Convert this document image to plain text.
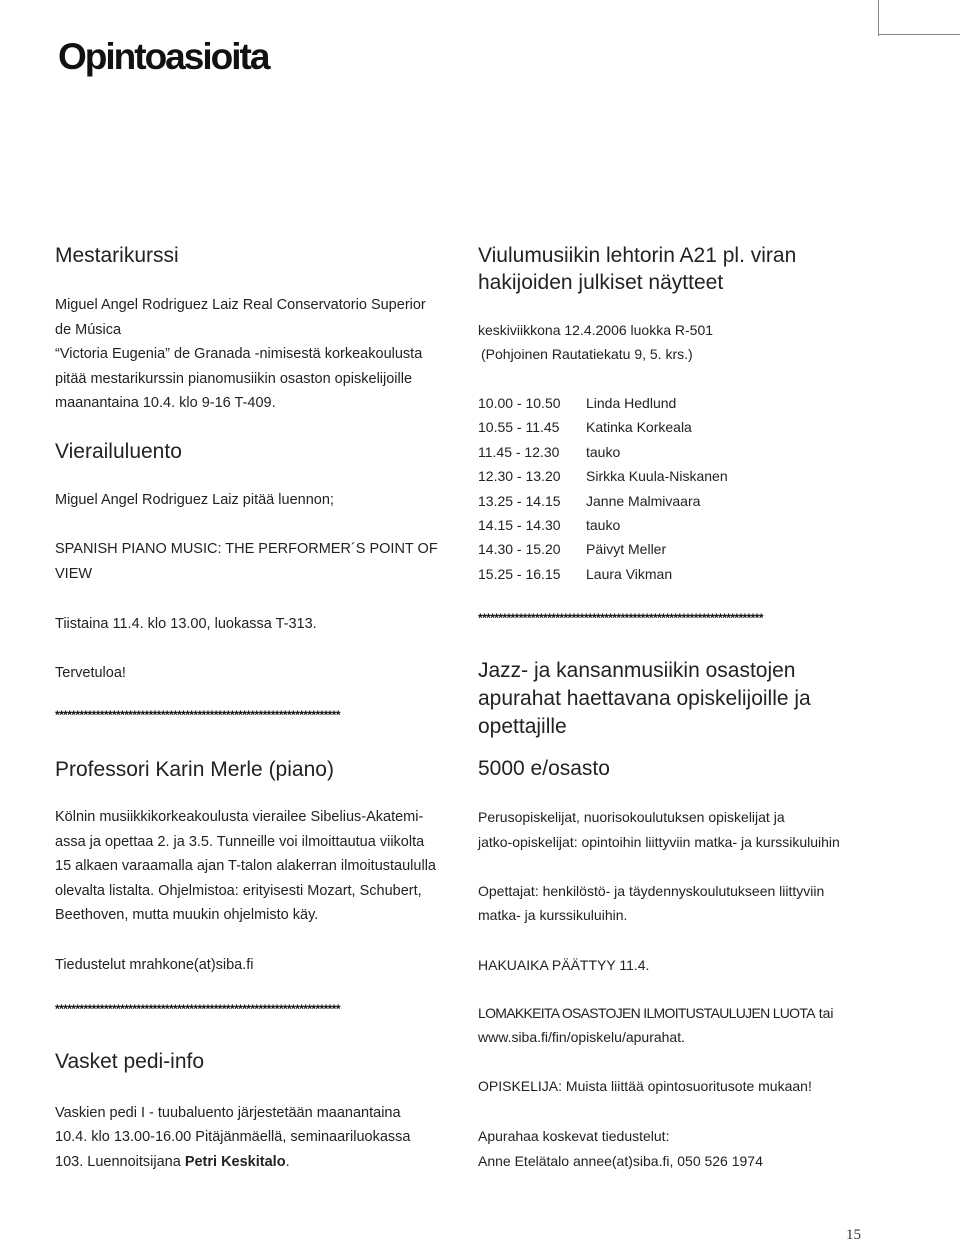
Opintoasioita
Mestarikurssi
Miguel Angel Rodriguez Laiz Real Conservatorio Superior
de Música
“Victoria Eugenia” de Granada -nimisestä korkeakoulusta
pitää mestarikurssin pianomusiikin osaston opiskelijoille
maanantaina 10.4. klo 9-16 T-409.
Vierailuluento
Miguel Angel Rodriguez Laiz pitää luennon;
SPANISH PIANO MUSIC: THE PERFORMER´S POINT OF
VIEW
Tiistaina 11.4. klo 13.00, luokassa T-313.
Tervetuloa!
**********************************************************************
Professori Karin Merle (piano)
Kölnin musiikkikorkeakoulusta vierailee Sibelius-Akatemi-
assa ja opettaa 2. ja 3.5. Tunneille voi ilmoittautua viikolta
15 alkaen varaamalla ajan T-talon alakerran ilmoitustaululla
olevalta listalta. Ohjelmistoa: erityisesti Mozart, Schubert,
Beethoven, mutta muukin ohjelmisto käy.
Tiedustelut mrahkone(at)siba.fi
**********************************************************************
Vasket pedi-info
Vaskien pedi I - tuubaluento järjestetään maanantaina
10.4. klo 13.00-16.00 Pitäjänmäellä, seminaariluokassa
103. Luennoitsijana Petri Keskitalo.
Viulumusiikin lehtorin A21 pl. viran
hakijoiden julkiset näytteet
keskiviikkona 12.4.2006 luokka R-501
(Pohjoinen Rautatiekatu 9, 5. krs.)
10.00 - 10.50 Linda Hedlund
10.55 - 11.45 Katinka Korkeala
11.45 - 12.30 tauko
12.30 - 13.20 Sirkka Kuula-Niskanen
13.25 - 14.15 Janne Malmivaara
14.15 - 14.30 tauko
14.30 - 15.20 Päivyt Meller
15.25 - 16.15 Laura Vikman
**********************************************************************
Jazz- ja kansanmusiikin osastojen
apurahat haettavana opiskelijoille ja
opettajille
5000 e/osasto
Perusopiskelijat, nuorisokoulutuksen opiskelijat ja
jatko-opiskelijat: opintoihin liittyviin matka- ja kurssikuluihin
Opettajat: henkilöstö- ja täydennyskoulutukseen liittyviin
matka- ja kurssikuluihin.
HAKUAIKA PÄÄTTYY 11.4.
LOMAKKEITA OSASTOJEN ILMOITUSTAULUJEN LUOTA tai
www.siba.fi/fin/opiskelu/apurahat.
OPISKELIJA: Muista liittää opintosuoritusote mukaan!
Apurahaa koskevat tiedustelut:
Anne Etelätalo annee(at)siba.fi, 050 526 1974
15
